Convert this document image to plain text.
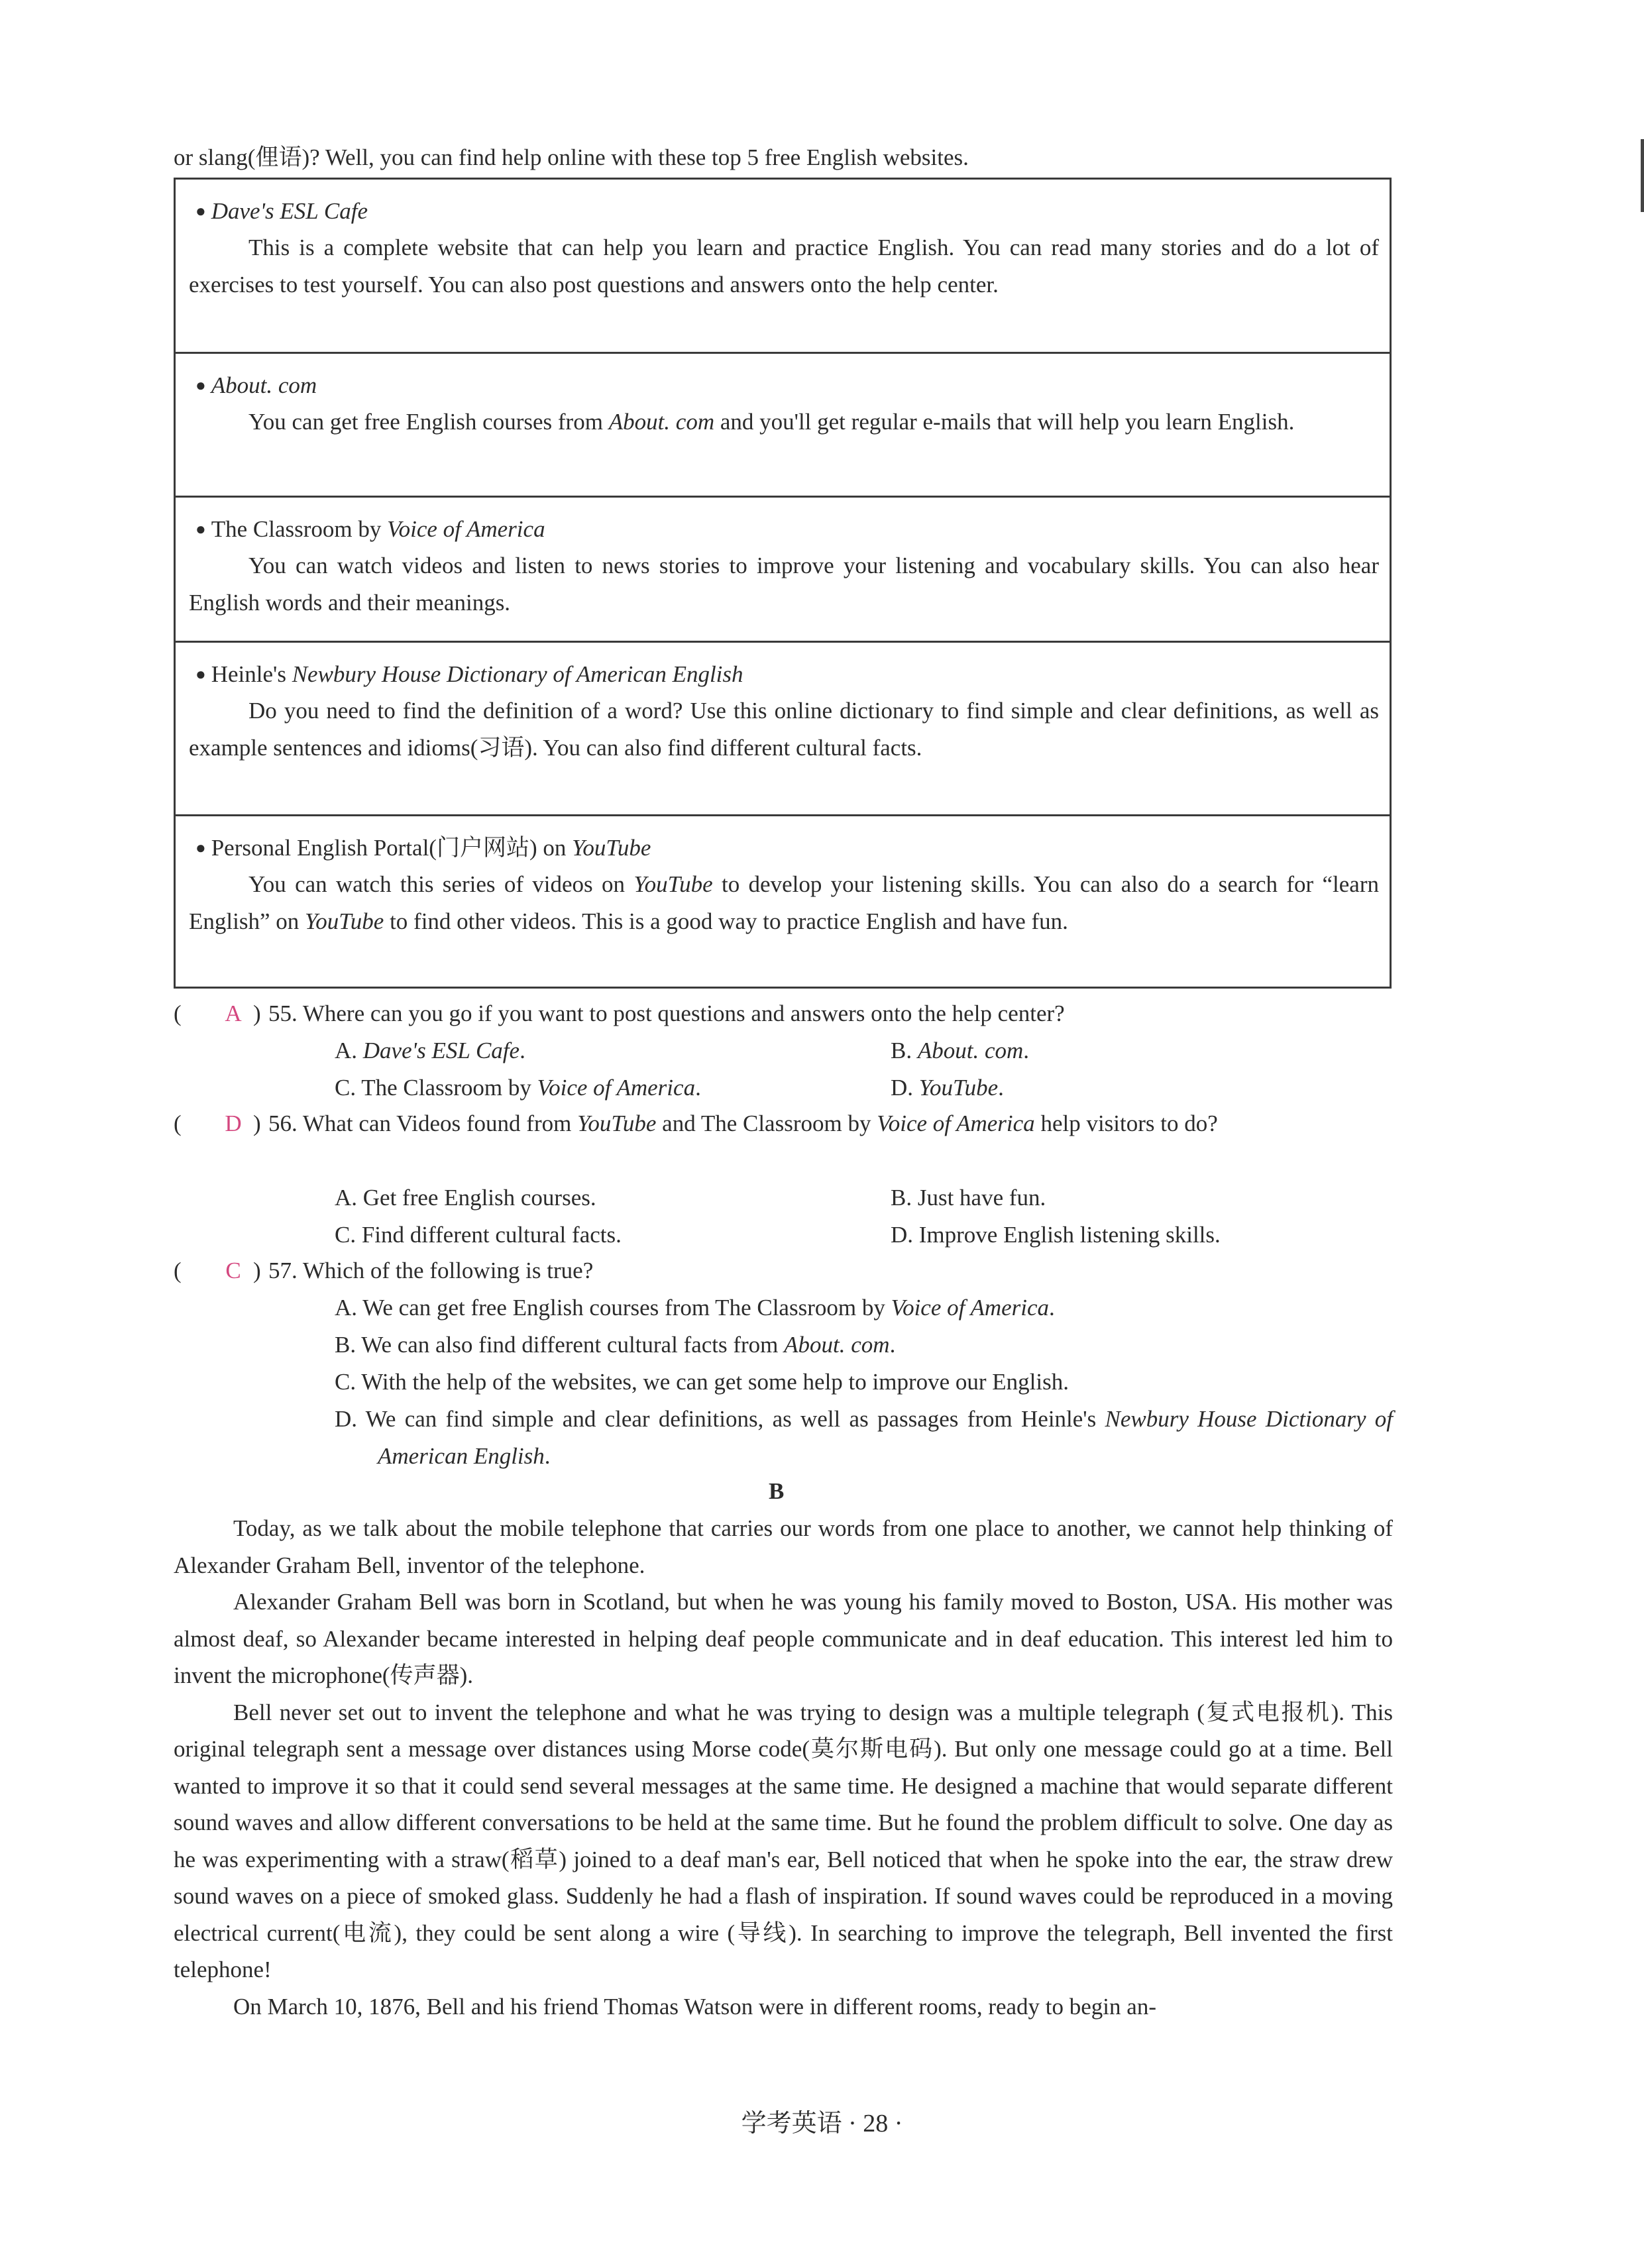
or slang(俚语)? Well, you can find help online with these top 5 free English websites.
● Dave's ESL Cafe
This is a complete website that can help you learn and practice English. You can read many stories and do a lot of exercises to test yourself. You can also post questions and answers onto the help center.
● About. com
You can get free English courses from About. com and you'll get regular e-mails that will help you learn English.
● The Classroom by Voice of America
You can watch videos and listen to news stories to improve your listening and vocabulary skills. You can also hear English words and their meanings.
● Heinle's Newbury House Dictionary of American English
Do you need to find the definition of a word? Use this online dictionary to find simple and clear definitions, as well as example sentences and idioms(习语). You can also find different cultural facts.
● Personal English Portal(门户网站) on YouTube
You can watch this series of videos on YouTube to develop your listening skills. You can also do a search for “learn English” on YouTube to find other videos. This is a good way to practice English and have fun.
( A ) 55. Where can you go if you want to post questions and answers onto the help center?
A. Dave's ESL Cafe.	B. About. com.
C. The Classroom by Voice of America.	D. YouTube.
( D ) 56. What can Videos found from YouTube and The Classroom by Voice of America help visitors to do?
A. Get free English courses.	B. Just have fun.
C. Find different cultural facts.	D. Improve English listening skills.
( C ) 57. Which of the following is true?
A. We can get free English courses from The Classroom by Voice of America.
B. We can also find different cultural facts from About. com.
C. With the help of the websites, we can get some help to improve our English.
D. We can find simple and clear definitions, as well as passages from Heinle's Newbury House Dictionary of American English.
B

Today, as we talk about the mobile telephone that carries our words from one place to another, we cannot help thinking of Alexander Graham Bell, inventor of the telephone.

Alexander Graham Bell was born in Scotland, but when he was young his family moved to Boston, USA. His mother was almost deaf, so Alexander became interested in helping deaf people communicate and in deaf education. This interest led him to invent the microphone(传声器).

Bell never set out to invent the telephone and what he was trying to design was a multiple telegraph (复式电报机). This original telegraph sent a message over distances using Morse code(莫尔斯电码). But only one message could go at a time. Bell wanted to improve it so that it could send several messages at the same time. He designed a machine that would separate different sound waves and allow different conversations to be held at the same time. But he found the problem difficult to solve. One day as he was experimenting with a straw(稻草) joined to a deaf man's ear, Bell noticed that when he spoke into the ear, the straw drew sound waves on a piece of smoked glass. Suddenly he had a flash of inspiration. If sound waves could be reproduced in a moving electrical current(电流), they could be sent along a wire (导线). In searching to improve the telegraph, Bell invented the first telephone!

On March 10, 1876, Bell and his friend Thomas Watson were in different rooms, ready to begin an-

学考英语 · 28 ·
